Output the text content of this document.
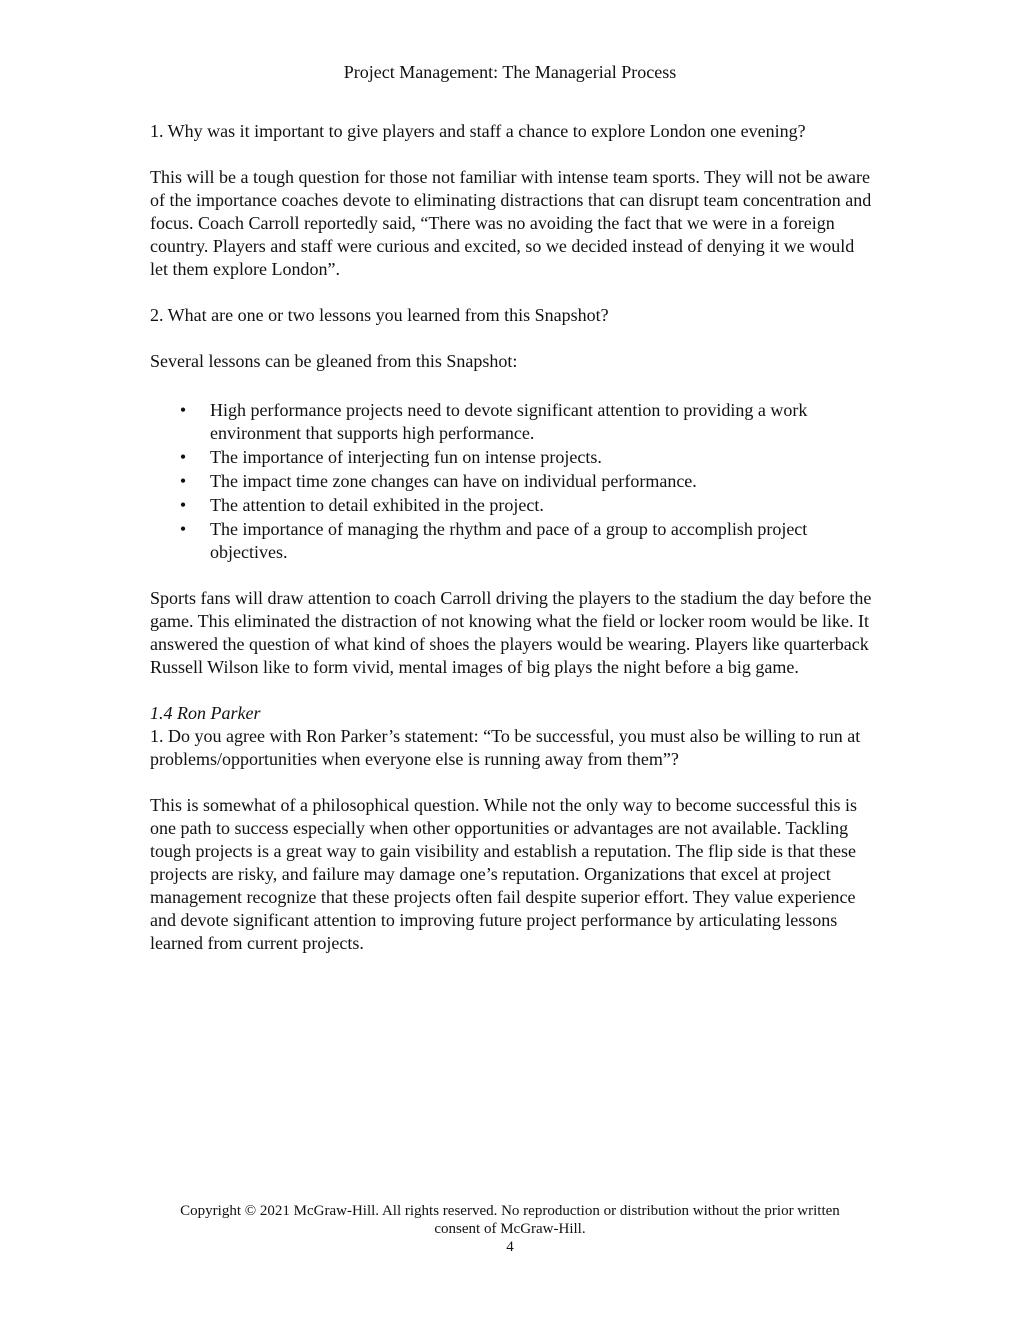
Project Management: The Managerial Process

1. Why was it important to give players and staff a chance to explore London one evening?

This will be a tough question for those not familiar with intense team sports. They will not be aware of the importance coaches devote to eliminating distractions that can disrupt team concentration and focus. Coach Carroll reportedly said, “There was no avoiding the fact that we were in a foreign country. Players and staff were curious and excited, so we decided instead of denying it we would let them explore London”.

2. What are one or two lessons you learned from this Snapshot?

Several lessons can be gleaned from this Snapshot:

• High performance projects need to devote significant attention to providing a work environment that supports high performance.
• The importance of interjecting fun on intense projects.
• The impact time zone changes can have on individual performance.
• The attention to detail exhibited in the project.
• The importance of managing the rhythm and pace of a group to accomplish project objectives.

Sports fans will draw attention to coach Carroll driving the players to the stadium the day before the game. This eliminated the distraction of not knowing what the field or locker room would be like. It answered the question of what kind of shoes the players would be wearing. Players like quarterback Russell Wilson like to form vivid, mental images of big plays the night before a big game.

1.4 Ron Parker

1. Do you agree with Ron Parker’s statement: “To be successful, you must also be willing to run at problems/opportunities when everyone else is running away from them”?

This is somewhat of a philosophical question. While not the only way to become successful this is one path to success especially when other opportunities or advantages are not available. Tackling tough projects is a great way to gain visibility and establish a reputation. The flip side is that these projects are risky, and failure may damage one’s reputation. Organizations that excel at project management recognize that these projects often fail despite superior effort. They value experience and devote significant attention to improving future project performance by articulating lessons learned from current projects.

Copyright © 2021 McGraw-Hill. All rights reserved. No reproduction or distribution without the prior written consent of McGraw-Hill.
4
